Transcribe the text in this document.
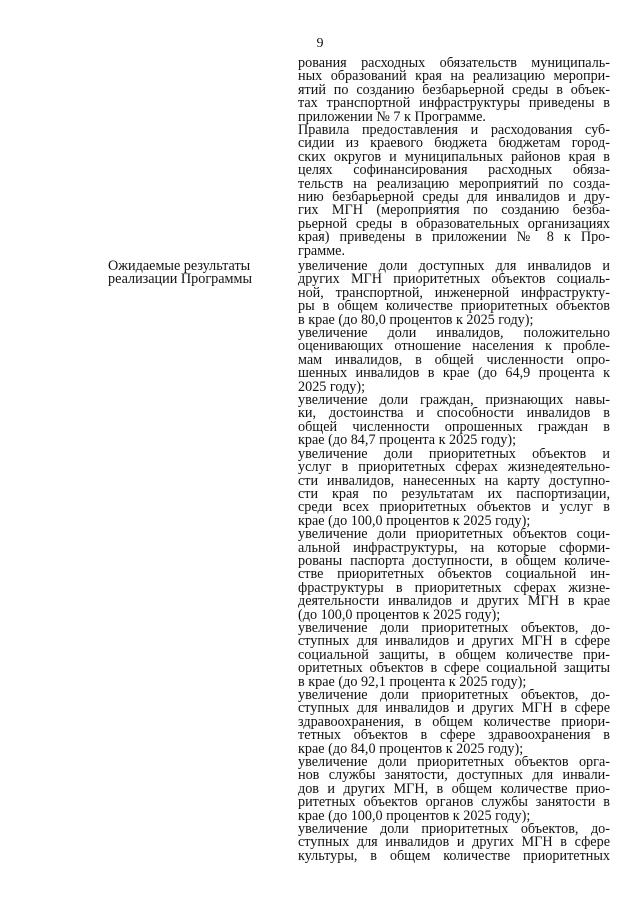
9
рования расходных обязательств муниципаль-
ных образований края на реализацию меропри-
ятий по созданию безбарьерной среды в объек-
тах транспортной инфраструктуры приведены в
приложении № 7 к Программе.
Правила предоставления и расходования суб-
сидии из краевого бюджета бюджетам город-
ских округов и муниципальных районов края в
целях софинансирования расходных обяза-
тельств на реализацию мероприятий по созда-
нию безбарьерной среды для инвалидов и дру-
гих МГН (мероприятия по созданию безба-
рьерной среды в образовательных организациях
края) приведены в приложении № 8 к Про-
грамме.
Ожидаемые результаты
реализации Программы
увеличение доли доступных для инвалидов и
других МГН приоритетных объектов социаль-
ной, транспортной, инженерной инфраструкту-
ры в общем количестве приоритетных объектов
в крае (до 80,0 процентов к 2025 году);
увеличение доли инвалидов, положительно
оценивающих отношение населения к пробле-
мам инвалидов, в общей численности опро-
шенных инвалидов в крае (до 64,9 процента к
2025 году);
увеличение доли граждан, признающих навы-
ки, достоинства и способности инвалидов в
общей численности опрошенных граждан в
крае (до 84,7 процента к 2025 году);
увеличение доли приоритетных объектов и
услуг в приоритетных сферах жизнедеятельно-
сти инвалидов, нанесенных на карту доступно-
сти края по результатам их паспортизации,
среди всех приоритетных объектов и услуг в
крае (до 100,0 процентов к 2025 году);
увеличение доли приоритетных объектов соци-
альной инфраструктуры, на которые сформи-
рованы паспорта доступности, в общем количе-
стве приоритетных объектов социальной ин-
фраструктуры в приоритетных сферах жизне-
деятельности инвалидов и других МГН в крае
(до 100,0 процентов к 2025 году);
увеличение доли приоритетных объектов, до-
ступных для инвалидов и других МГН в сфере
социальной защиты, в общем количестве при-
оритетных объектов в сфере социальной защиты
в крае (до 92,1 процента к 2025 году);
увеличение доли приоритетных объектов, до-
ступных для инвалидов и других МГН в сфере
здравоохранения, в общем количестве приори-
тетных объектов в сфере здравоохранения в
крае (до 84,0 процентов к 2025 году);
увеличение доли приоритетных объектов орга-
нов службы занятости, доступных для инвали-
дов и других МГН, в общем количестве прио-
ритетных объектов органов службы занятости в
крае (до 100,0 процентов к 2025 году);
увеличение доли приоритетных объектов, до-
ступных для инвалидов и других МГН в сфере
культуры, в общем количестве приоритетных
